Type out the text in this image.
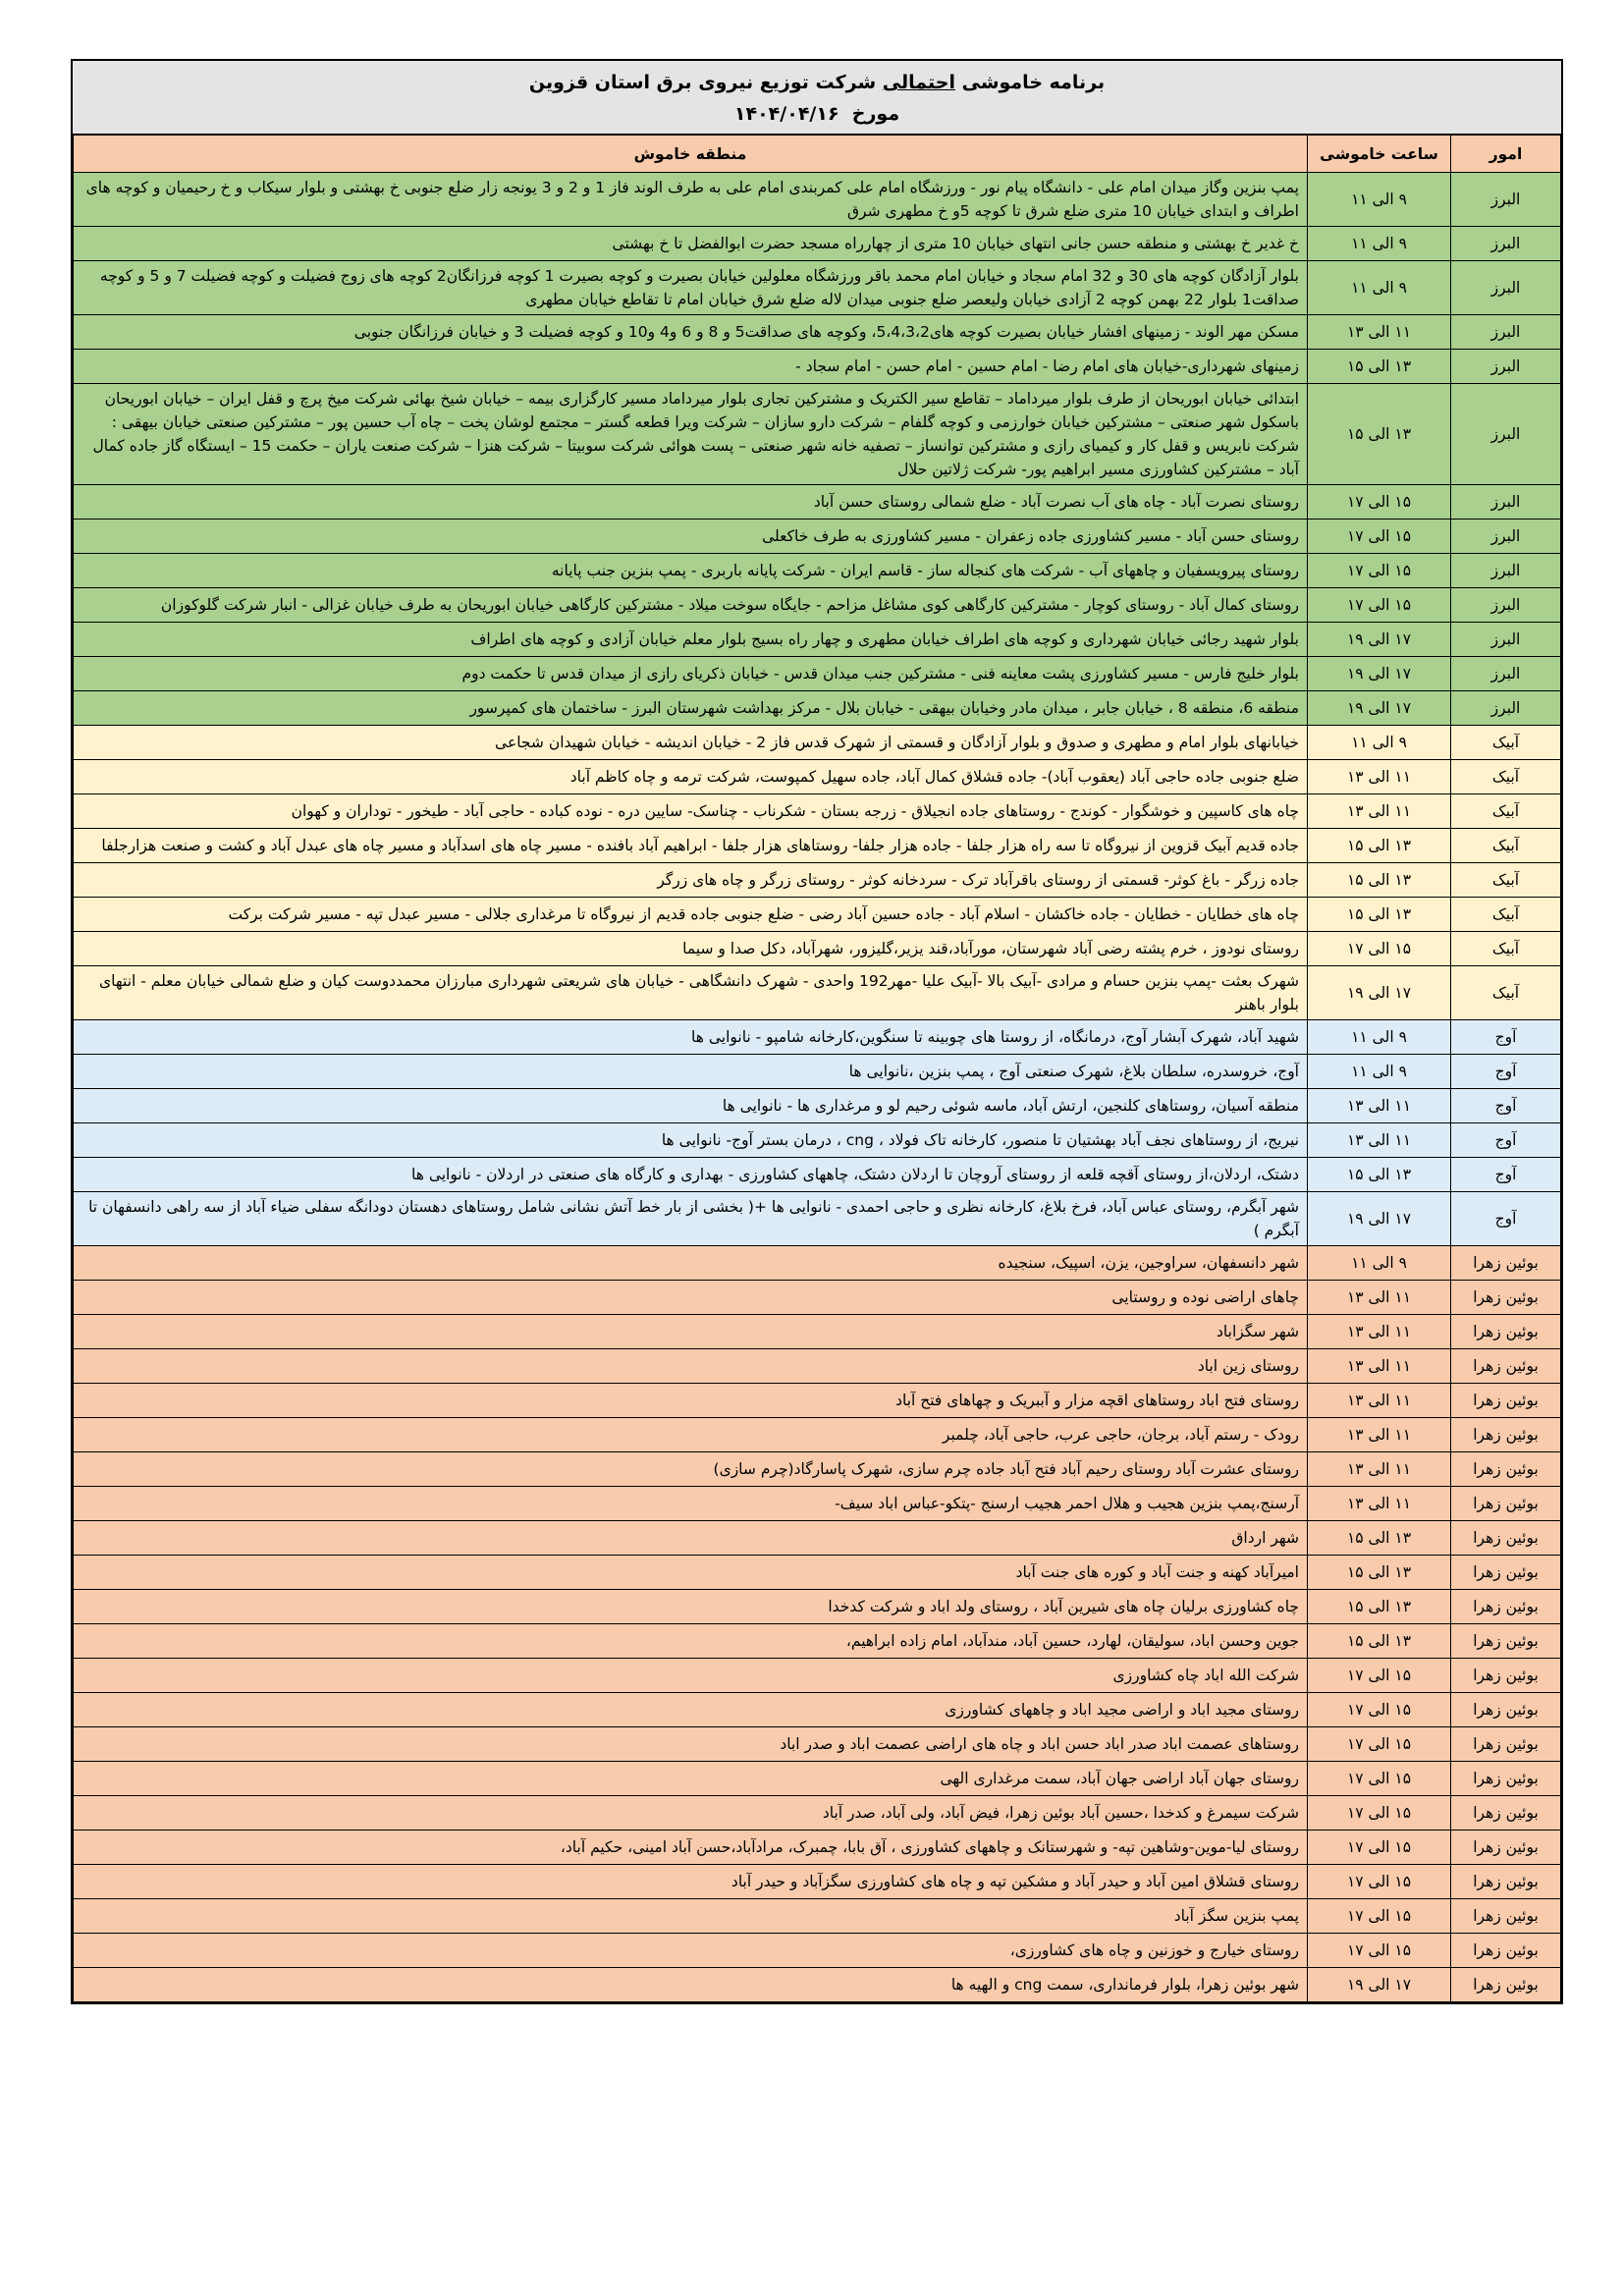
برنامه خاموشی احتمالی شرکت توزیع نیروی برق استان قزوین
مورخ  ۱۴۰۴/۰۴/۱۶
امور	ساعت خاموشی	منطقه خاموش
البرز	۹ الی ۱۱	پمپ بنزین وگاز میدان امام علی - دانشگاه پیام نور - ورزشگاه امام علی کمربندی امام علی به طرف الوند فاز 1 و 2 و 3 یونجه زار ضلع جنوبی خ بهشتی و بلوار سیکاب و خ رحیمیان و کوچه های اطراف و ابتدای خیابان 10 متری ضلع شرق تا کوچه 5و خ مطهری شرق
البرز	۹ الی ۱۱	خ غدیر خ بهشتی و منطقه حسن جانی انتهای خیابان 10 متری از چهارراه مسجد حضرت ابوالفضل تا خ بهشتی
البرز	۹ الی ۱۱	بلوار آزادگان کوچه های 30 و 32 امام سجاد و خیابان امام محمد باقر ورزشگاه معلولین خیابان بصیرت و کوچه بصیرت 1 کوچه فرزانگان2 کوچه های زوج فضیلت و کوچه فضیلت 7 و 5 و کوچه صداقت1 بلوار 22 بهمن کوچه 2 آزادی خیابان ولیعصر ضلع جنوبی میدان لاله ضلع شرق خیابان امام تا تقاطع خیابان مطهری
البرز	۱۱ الی ۱۳	مسکن مهر الوند - زمینهای افشار خیابان بصیرت کوچه های5،4،3،2، وکوچه های صداقت5 و 8 و 6 و4 و10 و کوچه فضیلت 3 و خیابان فرزانگان جنوبی
البرز	۱۳ الی ۱۵	زمینهای شهرداری-خیابان های امام رضا - امام حسین - امام حسن - امام سجاد -
البرز	۱۳ الی ۱۵	ابتدائی خیابان ابوریحان از طرف بلوار میرداماد – تقاطع سیر الکتریک و مشترکین تجاری بلوار میرداماد مسیر کارگزاری بیمه – خیابان شیخ بهائی شرکت میخ پرچ و قفل ایران – خیابان ابوریحان باسکول شهر صنعتی – مشترکین خیابان خوارزمی و کوچه گلفام – شرکت دارو سازان – شرکت ویرا قطعه گستر – مجتمع لوشان پخت – چاه آب حسین پور – مشترکین صنعتی خیابان بیهقی : شرکت نابریس و قفل کار و کیمیای رازی و مشترکین توانساز – تصفیه خانه شهر صنعتی – پست هوائی شرکت سوبیتا – شرکت هنزا – شرکت صنعت یاران – حکمت 15 – ایستگاه گاز جاده کمال آباد – مشترکین کشاورزی مسیر ابراهیم پور- شرکت ژلاتین حلال
البرز	۱۵ الی ۱۷	روستای نصرت آباد - چاه های آب نصرت آباد - ضلع شمالی روستای حسن آباد
البرز	۱۵ الی ۱۷	روستای حسن آباد - مسیر کشاورزی جاده زعفران - مسیر کشاورزی به طرف خاکعلی
البرز	۱۵ الی ۱۷	روستای پیرویسفیان و چاههای آب - شرکت های کنجاله ساز - قاسم ایران - شرکت پایانه باربری - پمپ بنزین جنب پایانه
البرز	۱۵ الی ۱۷	روستای کمال آباد - روستای کوچار - مشترکین کارگاهی کوی مشاغل مزاحم - جایگاه سوخت میلاد - مشترکین کارگاهی خیابان ابوریحان به طرف خیابان غزالی - انبار شرکت گلوکوزان
البرز	۱۷ الی ۱۹	بلوار شهید رجائی خیابان شهرداری و کوچه های اطراف خیابان مطهری و چهار راه بسیج بلوار معلم خیابان آزادی و کوچه های اطراف
البرز	۱۷ الی ۱۹	بلوار خلیج فارس - مسیر کشاورزی پشت معاینه فنی - مشترکین جنب میدان قدس - خیابان ذکریای رازی از میدان قدس تا حکمت دوم
البرز	۱۷ الی ۱۹	منطقه 6، منطقه 8 ، خیابان جابر ، میدان مادر وخیابان بیهقی - خیابان بلال - مرکز بهداشت شهرستان البرز - ساختمان های کمپرسور
آبیک	۹ الی ۱۱	خیابانهای بلوار امام و مطهری و صدوق و بلوار آزادگان و قسمتی از شهرک قدس فاز 2 - خیابان اندیشه - خیابان شهیدان شجاعی
آبیک	۱۱ الی ۱۳	ضلع جنوبی جاده حاجی آباد (یعقوب آباد)- جاده قشلاق کمال آباد، جاده سهیل کمپوست، شرکت ترمه و چاه کاظم آباد
آبیک	۱۱ الی ۱۳	چاه های کاسپین و خوشگوار - کوندج - روستاهای جاده انجیلاق - زرجه بستان - شکرناب - چناسک- سایین دره - نوده کباده - حاجی آباد - طیخور - توداران و کهوان
آبیک	۱۳ الی ۱۵	جاده قدیم آبیک قزوین از نیروگاه تا سه راه هزار جلفا - جاده هزار جلفا- روستاهای هزار جلفا - ابراهیم آباد بافنده - مسیر چاه های اسدآباد و مسیر چاه های عبدل آباد و کشت و صنعت هزارجلفا
آبیک	۱۳ الی ۱۵	جاده زرگر - باغ کوثر- قسمتی از روستای باقرآباد ترک - سردخانه کوثر - روستای زرگر و چاه های زرگر
آبیک	۱۳ الی ۱۵	چاه های خطایان - خطایان - جاده خاکشان - اسلام آباد - جاده حسین آباد رضی - ضلع جنوبی جاده قدیم از نیروگاه تا مرغداری جلالی - مسیر عبدل تپه - مسیر شرکت برکت
آبیک	۱۵ الی ۱۷	روستای نودوز ، خرم پشته رضی آباد شهرستان، مورآباد،قند یزیر،گلیزور، شهرآباد، دکل صدا و سیما
آبیک	۱۷ الی ۱۹	شهرک بعثت -پمپ بنزین حسام و مرادی -آبیک بالا -آبیک علیا -مهر192 واحدی - شهرک دانشگاهی - خیابان های شریعتی شهرداری مبارزان محمددوست کیان و ضلع شمالی خیابان معلم - انتهای بلوار باهنر
آوج	۹ الی ۱۱	شهید آباد، شهرک آبشار آوج، درمانگاه، از روستا های چوبینه تا سنگوین،کارخانه شامپو - نانوایی ها
آوج	۹ الی ۱۱	آوج، خروسدره، سلطان بلاغ، شهرک صنعتی آوج ، پمپ بنزین ،نانوایی ها
آوج	۱۱ الی ۱۳	منطقه آسیان، روستاهای کلنجین، ارتش آباد، ماسه شوئی رحیم لو و مرغداری ها - نانوایی ها
آوج	۱۱ الی ۱۳	نیریج، از روستاهای نجف آباد بهشتیان تا منصور، کارخانه تاک فولاد ، cng ، درمان بستر آوج- نانوایی ها
آوج	۱۳ الی ۱۵	دشتک، اردلان،از روستای آقچه قلعه از روستای آروچان تا اردلان دشتک، چاههای کشاورزی - بهداری و کارگاه های صنعتی در اردلان - نانوایی ها
آوج	۱۷ الی ۱۹	شهر آبگرم، روستای عباس آباد، فرخ بلاغ، کارخانه نظری و حاجی احمدی - نانوایی ها +( بخشی از بار خط آتش نشانی شامل روستاهای دهستان دودانگه سفلی ضیاء آباد از سه راهی دانسفهان تا آبگرم )
بوئین زهرا	۹ الی ۱۱	شهر دانسفهان، سراوجین، یزن، اسپیک، سنجیده
بوئین زهرا	۱۱ الی ۱۳	چاهای اراضی نوده و روستایی
بوئین زهرا	۱۱ الی ۱۳	شهر سگزاباد
بوئین زهرا	۱۱ الی ۱۳	روستای زین اباد
بوئین زهرا	۱۱ الی ۱۳	روستای فتح اباد روستاهای اقچه مزار و آببریک و چهاهای فتح آباد
بوئین زهرا	۱۱ الی ۱۳	رودک - رستم آباد، برجان، حاجی عرب، حاجی آباد، چلمبر
بوئین زهرا	۱۱ الی ۱۳	روستای عشرت آباد روستای رحیم آباد فتح آباد جاده چرم سازی، شهرک پاسارگاد(چرم سازی)
بوئین زهرا	۱۱ الی ۱۳	آرسنج،پمپ بنزین هجیب و هلال احمر هجیب ارسنج -پتکو-عباس اباد سیف-
بوئین زهرا	۱۳ الی ۱۵	شهر ارداق
بوئین زهرا	۱۳ الی ۱۵	امیرآباد کهنه و جنت آباد و کوره های جنت آباد
بوئین زهرا	۱۳ الی ۱۵	چاه کشاورزی برلیان چاه های شیرین آباد ، روستای ولد اباد و شرکت کدخدا
بوئین زهرا	۱۳ الی ۱۵	جوین وحسن اباد، سولیقان، لهارد، حسین آباد، مندآباد، امام زاده ابراهیم،
بوئین زهرا	۱۵ الی ۱۷	شرکت الله اباد چاه کشاورزی
بوئین زهرا	۱۵ الی ۱۷	روستای مجید اباد و اراضی مجید اباد و چاههای کشاورزی
بوئین زهرا	۱۵ الی ۱۷	روستاهای عصمت اباد صدر اباد حسن اباد و چاه های اراضی عصمت اباد و صدر اباد
بوئین زهرا	۱۵ الی ۱۷	روستای جهان آباد اراضی جهان آباد، سمت مرغداری الهی
بوئین زهرا	۱۵ الی ۱۷	شرکت سیمرغ و کدخدا ،حسین آباد بوئین زهرا، فیض آباد، ولی آباد، صدر آباد
بوئین زهرا	۱۵ الی ۱۷	روستای لیا-موین-وشاهین تپه- و شهرستانک و چاههای کشاورزی ، آق بابا، چمبرک، مرادآباد،حسن آباد امینی، حکیم آباد،
بوئین زهرا	۱۵ الی ۱۷	روستای قشلاق امین آباد و حیدر آباد و مشکین تپه و چاه های کشاورزی سگزآباد و حیدر آباد
بوئین زهرا	۱۵ الی ۱۷	پمپ بنزین سگز آباد
بوئین زهرا	۱۵ الی ۱۷	روستای خیارج و خوزنین و چاه های کشاورزی،
بوئین زهرا	۱۷ الی ۱۹	شهر بوئین زهرا، بلوار فرمانداری، سمت cng و الهیه ها
